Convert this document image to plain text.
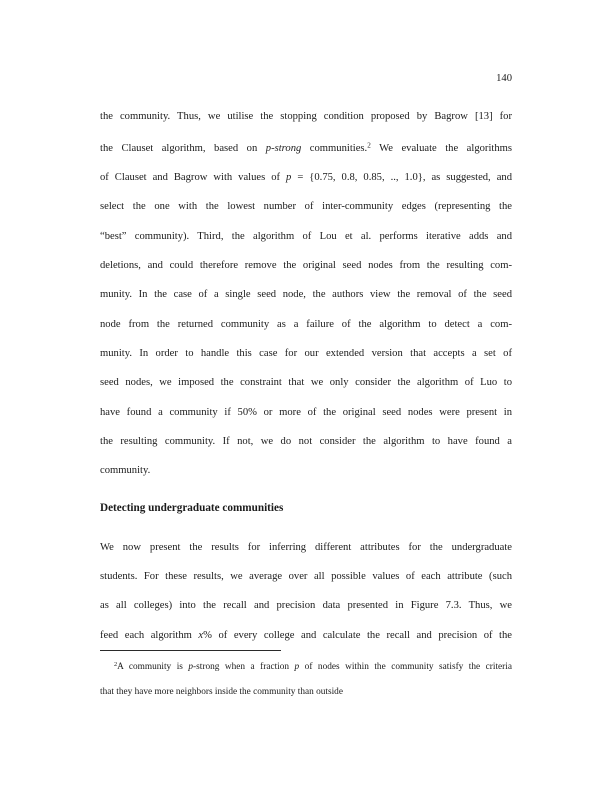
140
the community. Thus, we utilise the stopping condition proposed by Bagrow [13] for
the Clauset algorithm, based on p-strong communities.$^2$ We evaluate the algorithms
of Clauset and Bagrow with values of p = {0.75, 0.8, 0.85, .., 1.0}, as suggested, and
select the one with the lowest number of inter-community edges (representing the
“best” community). Third, the algorithm of Lou et al. performs iterative adds and
deletions, and could therefore remove the original seed nodes from the resulting com-
munity. In the case of a single seed node, the authors view the removal of the seed
node from the returned community as a failure of the algorithm to detect a com-
munity. In order to handle this case for our extended version that accepts a set of
seed nodes, we imposed the constraint that we only consider the algorithm of Luo to
have found a community if 50% or more of the original seed nodes were present in
the resulting community. If not, we do not consider the algorithm to have found a
community.
Detecting undergraduate communities
We now present the results for inferring different attributes for the undergraduate
students. For these results, we average over all possible values of each attribute (such
as all colleges) into the recall and precision data presented in Figure 7.3. Thus, we
feed each algorithm x% of every college and calculate the recall and precision of the
$^2$A community is p-strong when a fraction p of nodes within the community satisfy the criteria
that they have more neighbors inside the community than outside
